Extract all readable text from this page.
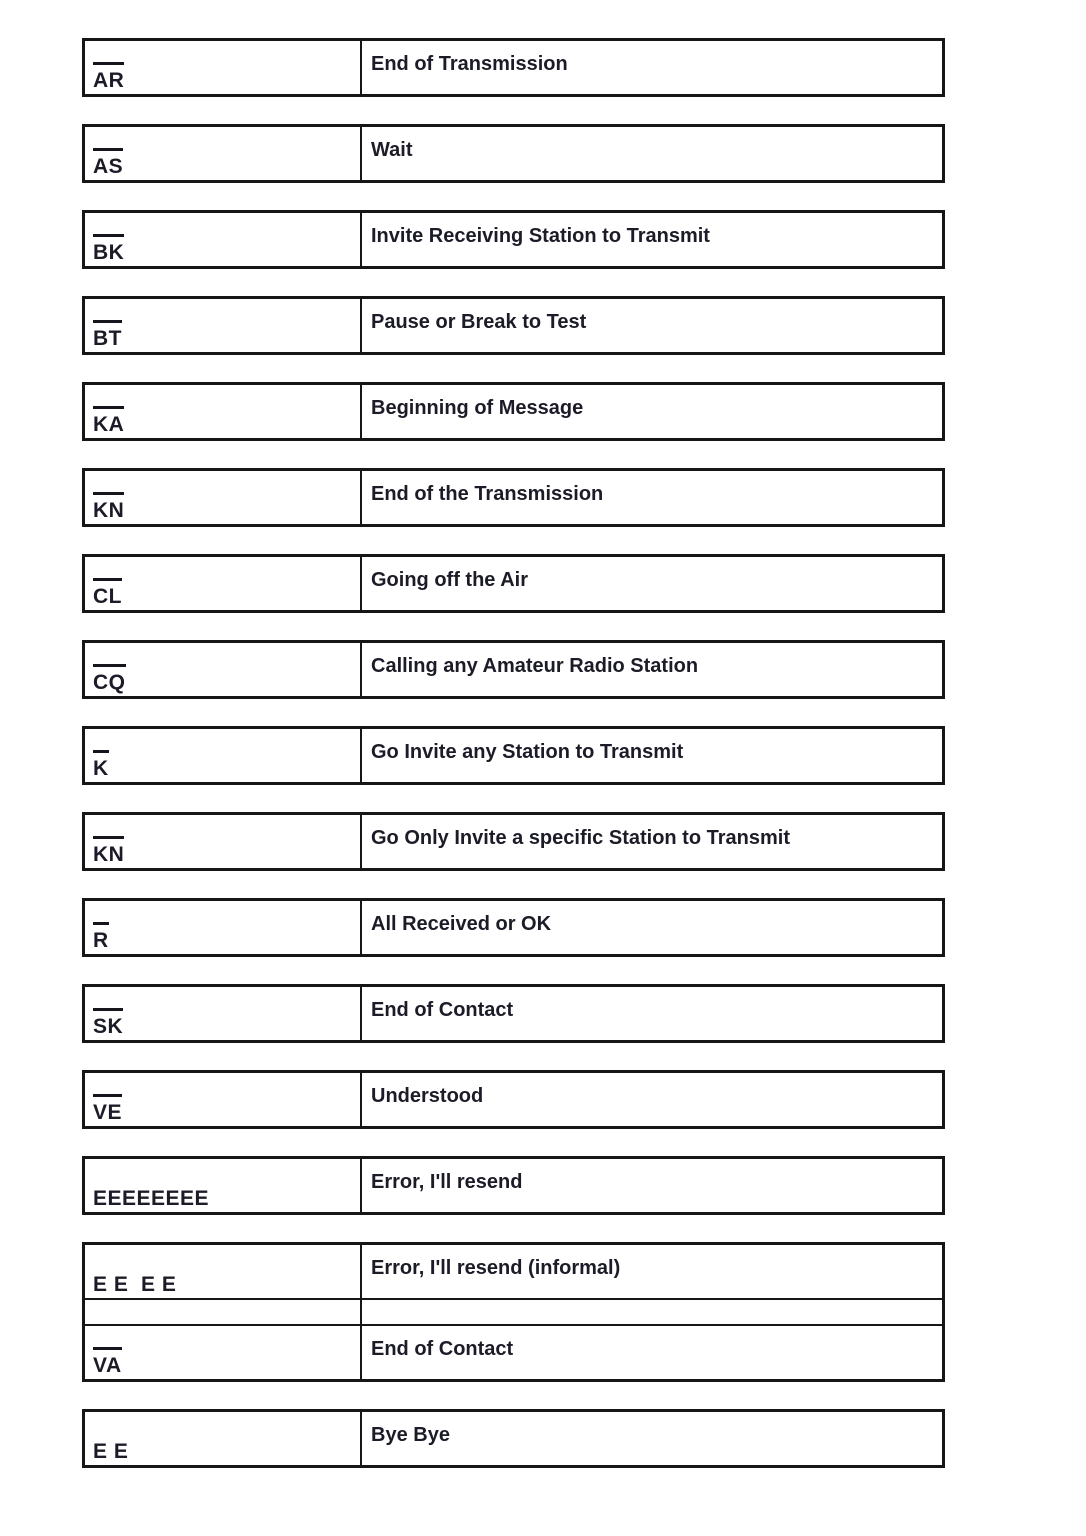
AR
End of Transmission
AS
Wait
BK
Invite Receiving Station to Transmit
BT
Pause or Break to Test
KA
Beginning of Message
KN
End of the Transmission
CL
Going off the Air
CQ
Calling any Amateur Radio Station
K
Go Invite any Station to Transmit
KN
Go Only Invite a specific Station to Transmit
R
All Received or OK
SK
End of Contact
VE
Understood
EEEEEEEE
Error, I'll resend
E E  E E
Error, I'll resend (informal)
VA
End of Contact
E E
Bye Bye
